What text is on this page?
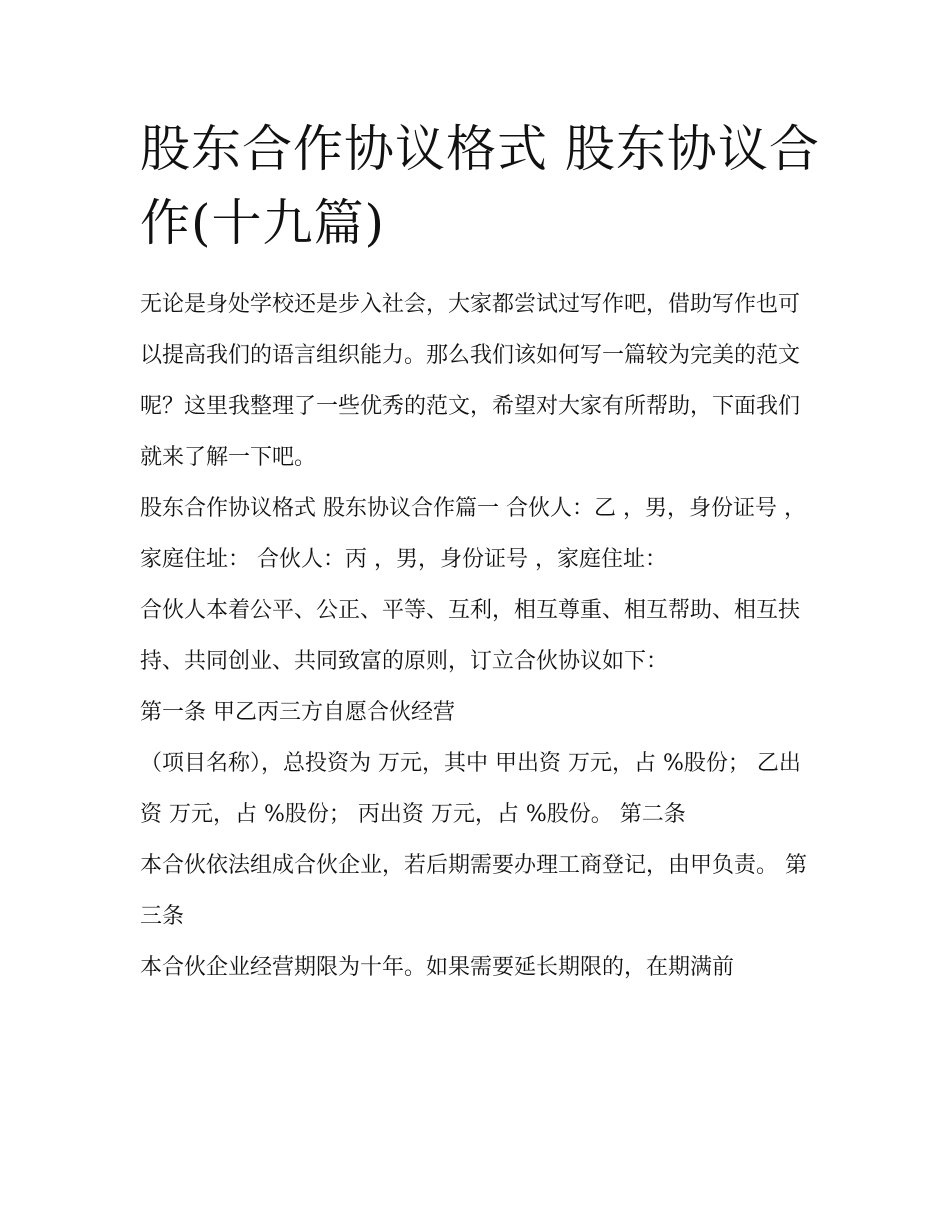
股东合作协议格式 股东协议合作(十九篇)

无论是身处学校还是步入社会，大家都尝试过写作吧，借助写作也可以提高我们的语言组织能力。那么我们该如何写一篇较为完美的范文呢？这里我整理了一些优秀的范文，希望对大家有所帮助，下面我们就来了解一下吧。

股东合作协议格式 股东协议合作篇一 合伙人：乙 ，男，身份证号 ，家庭住址： 合伙人：丙 ，男，身份证号 ，家庭住址：

合伙人本着公平、公正、平等、互利，相互尊重、相互帮助、相互扶持、共同创业、共同致富的原则，订立合伙协议如下：

第一条 甲乙丙三方自愿合伙经营

（项目名称），总投资为 万元，其中 甲出资 万元，占 %股份； 乙出资 万元，占 %股份； 丙出资 万元，占 %股份。 第二条

本合伙依法组成合伙企业，若后期需要办理工商登记，由甲负责。 第三条

本合伙企业经营期限为十年。如果需要延长期限的，在期满前
